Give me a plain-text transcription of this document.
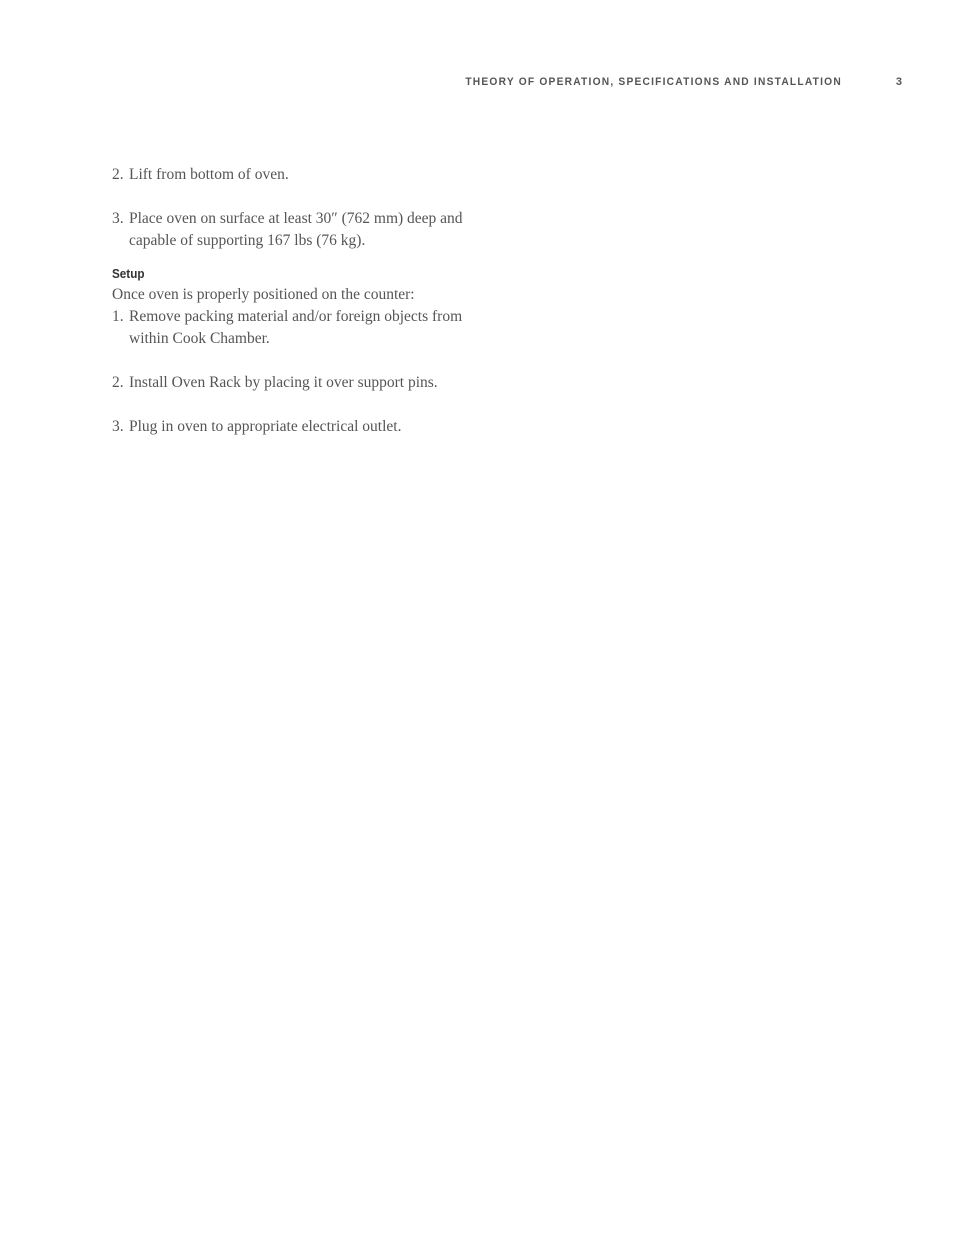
THEORY OF OPERATION, SPECIFICATIONS AND INSTALLATION	3
2. Lift from bottom of oven.
3. Place oven on surface at least 30″ (762 mm) deep and capable of supporting 167 lbs (76 kg).
Setup

Once oven is properly positioned on the counter:

1. Remove packing material and/or foreign objects from within Cook Chamber.
2. Install Oven Rack by placing it over support pins.
3. Plug in oven to appropriate electrical outlet.
